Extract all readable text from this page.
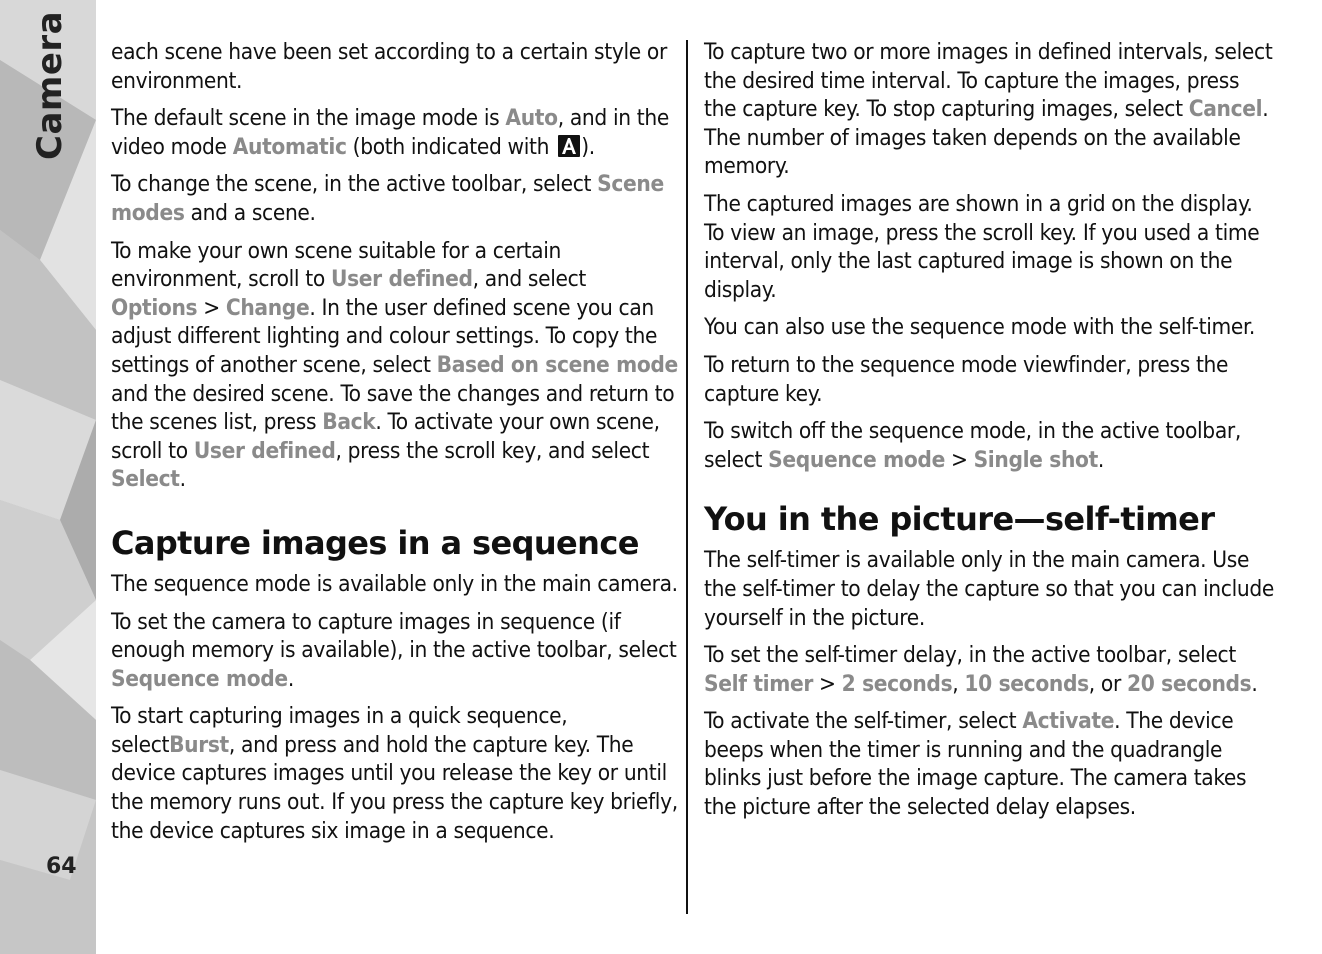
Camera
64

each scene have been set according to a certain style or environment.

The default scene in the image mode is Auto, and in the video mode Automatic (both indicated with
).

To change the scene, in the active toolbar, select Scene modes and a scene.

To make your own scene suitable for a certain environment, scroll to User defined, and select Options > Change. In the user defined scene you can adjust different lighting and colour settings. To copy the settings of another scene, select Based on scene mode and the desired scene. To save the changes and return to the scenes list, press Back. To activate your own scene, scroll to User defined, press the scroll key, and select Select.

Capture images in a sequence

The sequence mode is available only in the main camera.

To set the camera to capture images in sequence (if enough memory is available), in the active toolbar, select Sequence mode.

To start capturing images in a quick sequence, selectBurst, and press and hold the capture key. The device captures images until you release the key or until the memory runs out. If you press the capture key briefly, the device captures six image in a sequence.

To capture two or more images in defined intervals, select the desired time interval. To capture the images, press the capture key. To stop capturing images, select Cancel. The number of images taken depends on the available memory.

The captured images are shown in a grid on the display. To view an image, press the scroll key. If you used a time interval, only the last captured image is shown on the display.

You can also use the sequence mode with the self-timer.

To return to the sequence mode viewfinder, press the capture key.

To switch off the sequence mode, in the active toolbar, select Sequence mode > Single shot.

You in the picture—self-timer

The self-timer is available only in the main camera. Use the self-timer to delay the capture so that you can include yourself in the picture.

To set the self-timer delay, in the active toolbar, select Self timer > 2 seconds, 10 seconds, or 20 seconds.

To activate the self-timer, select Activate. The device beeps when the timer is running and the quadrangle blinks just before the image capture. The camera takes the picture after the selected delay elapses.
